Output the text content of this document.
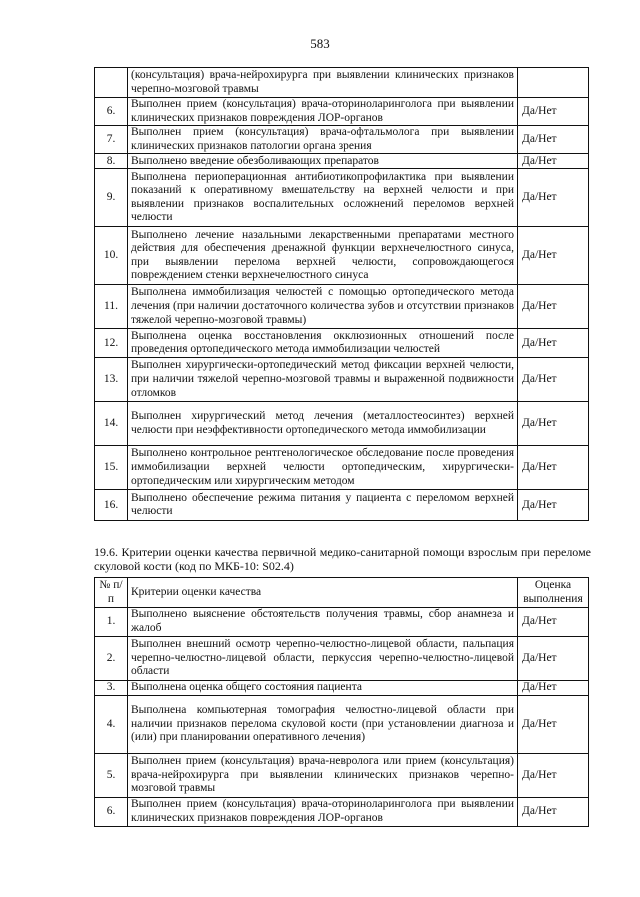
583
	(консультация) врача-нейрохирурга при выявлении клинических признаков черепно-мозговой травмы	
6.	Выполнен прием (консультация) врача-оториноларинголога при выявлении клинических признаков повреждения ЛОР-органов	Да/Нет
7.	Выполнен прием (консультация) врача-офтальмолога при выявлении клинических признаков патологии органа зрения	Да/Нет
8.	Выполнено введение обезболивающих препаратов	Да/Нет
9.	Выполнена периоперационная антибиотикопрофилактика при выявлении показаний к оперативному вмешательству на верхней челюсти и при выявлении признаков воспалительных осложнений переломов верхней челюсти	Да/Нет
10.	Выполнено лечение назальными лекарственными препаратами местного действия для обеспечения дренажной функции верхнечелюстного синуса, при выявлении перелома верхней челюсти, сопровождающегося повреждением стенки верхнечелюстного синуса	Да/Нет
11.	Выполнена иммобилизация челюстей с помощью ортопедического метода лечения (при наличии достаточного количества зубов и отсутствии признаков тяжелой черепно-мозговой травмы)	Да/Нет
12.	Выполнена оценка восстановления окклюзионных отношений после проведения ортопедического метода иммобилизации челюстей	Да/Нет
13.	Выполнен хирургически-ортопедический метод фиксации верхней челюсти, при наличии тяжелой черепно-мозговой травмы и выраженной подвижности отломков	Да/Нет
14.	Выполнен хирургический метод лечения (металлостеосинтез) верхней челюсти при неэффективности ортопедического метода иммобилизации	Да/Нет
15.	Выполнено контрольное рентгенологическое обследование после проведения иммобилизации верхней челюсти ортопедическим, хирургически-ортопедическим или хирургическим методом	Да/Нет
16.	Выполнено обеспечение режима питания у пациента с переломом верхней челюсти	Да/Нет
19.6. Критерии оценки качества первичной медико-санитарной помощи взрослым при переломе скуловой кости (код по МКБ-10: S02.4)
№ п/п	Критерии оценки качества	Оценка выполнения
1.	Выполнено выяснение обстоятельств получения травмы, сбор анамнеза и жалоб	Да/Нет
2.	Выполнен внешний осмотр черепно-челюстно-лицевой области, пальпация черепно-челюстно-лицевой области, перкуссия черепно-челюстно-лицевой области	Да/Нет
3.	Выполнена оценка общего состояния пациента	Да/Нет
4.	Выполнена компьютерная томография челюстно-лицевой области при наличии признаков перелома скуловой кости (при установлении диагноза и (или) при планировании оперативного лечения)	Да/Нет
5.	Выполнен прием (консультация) врача-невролога или прием (консультация) врача-нейрохирурга при выявлении клинических признаков черепно-мозговой травмы	Да/Нет
6.	Выполнен прием (консультация) врача-оториноларинголога при выявлении клинических признаков повреждения ЛОР-органов	Да/Нет
